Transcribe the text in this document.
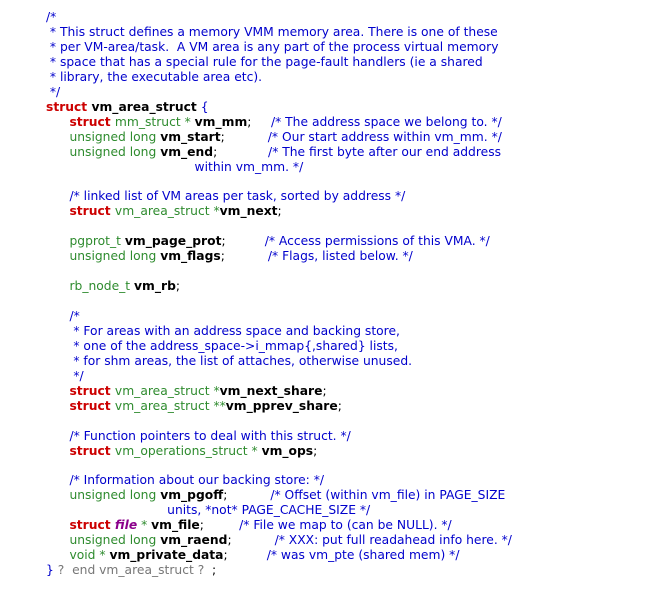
/*
* This struct defines a memory VMM memory area. There is one of these
* per VM-area/task.  A VM area is any part of the process virtual memory
* space that has a special rule for the page-fault handlers (ie a shared
* library, the executable area etc).
*/
struct vm_area_struct {
struct mm_struct * vm_mm;     /* The address space we belong to. */
unsigned long vm_start;           /* Our start address within vm_mm. */
unsigned long vm_end;             /* The first byte after our end address
within vm_mm. */
/* linked list of VM areas per task, sorted by address */
struct vm_area_struct *vm_next;
pgprot_t vm_page_prot;          /* Access permissions of this VMA. */
unsigned long vm_flags;           /* Flags, listed below. */
rb_node_t vm_rb;
/*
* For areas with an address space and backing store,
* one of the address_space->i_mmap{,shared} lists,
* for shm areas, the list of attaches, otherwise unused.
*/
struct vm_area_struct *vm_next_share;
struct vm_area_struct **vm_pprev_share;
/* Function pointers to deal with this struct. */
struct vm_operations_struct * vm_ops;
/* Information about our backing store: */
unsigned long vm_pgoff;           /* Offset (within vm_file) in PAGE_SIZE
units, *not* PAGE_CACHE_SIZE */
struct file * vm_file;         /* File we map to (can be NULL). */
unsigned long vm_raend;           /* XXX: put full readahead info here. */
void * vm_private_data;          /* was vm_pte (shared mem) */
} ?  end vm_area_struct ?  ;
